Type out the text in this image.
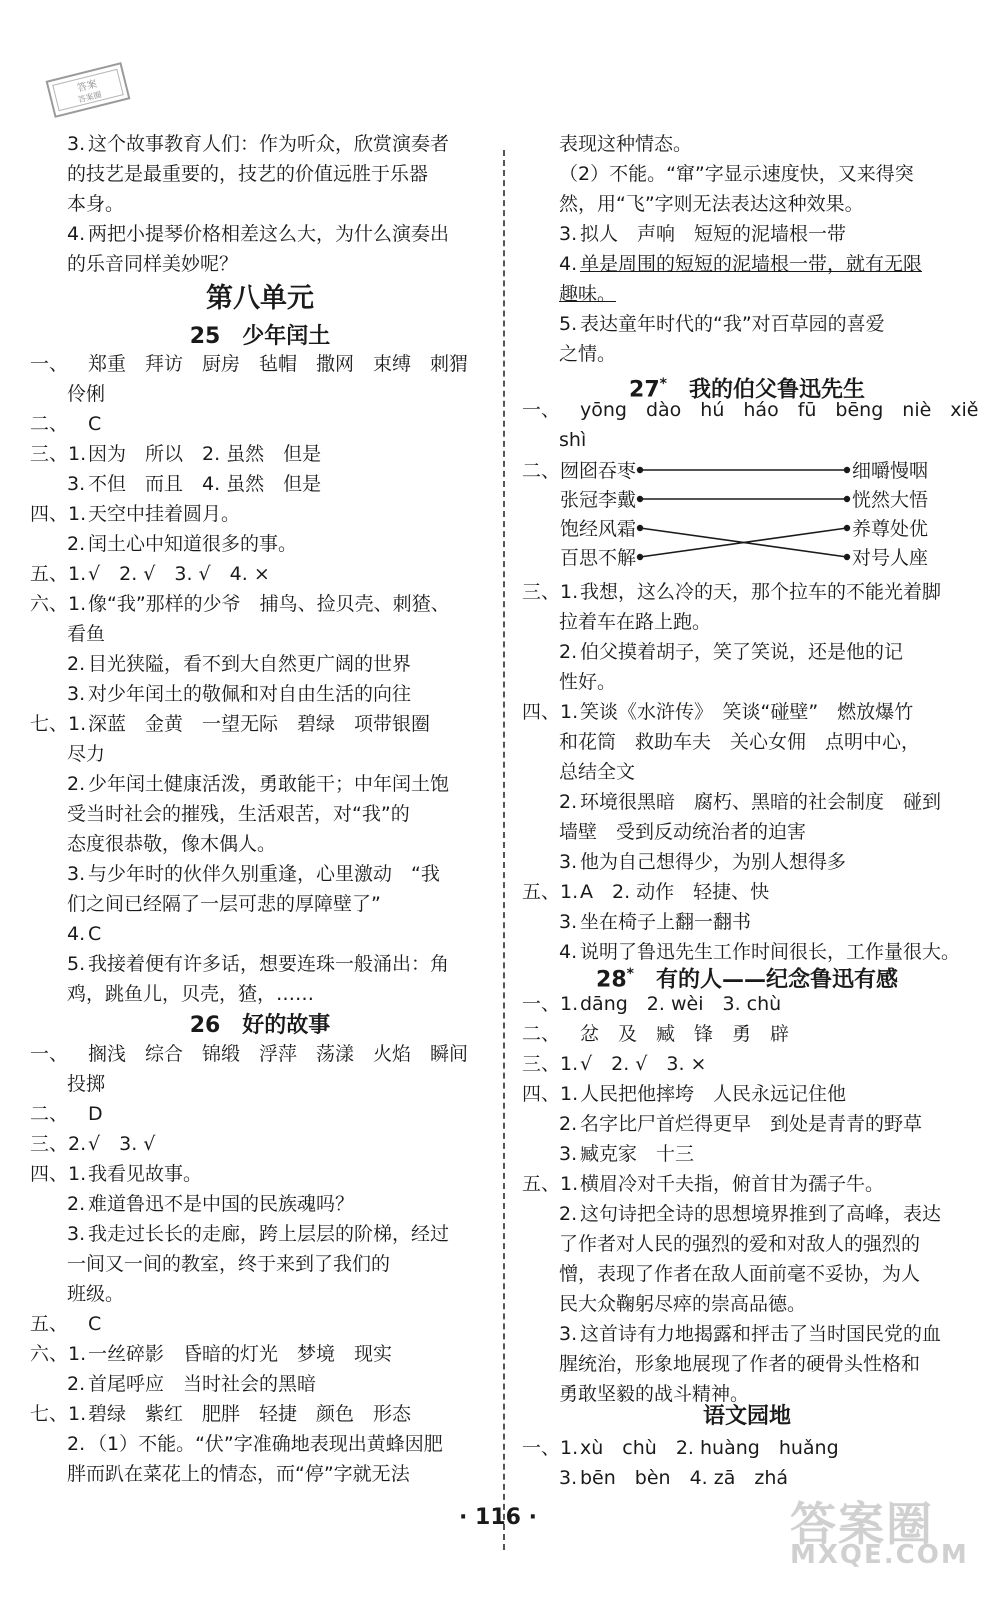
答案
答案圈
第八单元
25　少年闰土
26　好的故事
3. 这个故事教育人们：作为听众，欣赏演奏者
的技艺是最重要的，技艺的价值远胜于乐器
本身。
4. 两把小提琴价格相差这么大，为什么演奏出
的乐音同样美妙呢？
一、 郑重　拜访　厨房　毡帽　撒网　束缚　刺猬
伶俐
二、 C
三、1. 因为　所以　2. 虽然　但是
3. 不但　而且　4. 虽然　但是
四、1. 天空中挂着圆月。
2. 闰土心中知道很多的事。
五、1. √　2. √　3. √　4. ×
六、1. 像“我”那样的少爷　捕鸟、捡贝壳、刺猹、
看鱼
2. 目光狭隘，看不到大自然更广阔的世界
3. 对少年闰土的敬佩和对自由生活的向往
七、1. 深蓝　金黄　一望无际　碧绿　项带银圈
尽力
2. 少年闰土健康活泼，勇敢能干；中年闰土饱
受当时社会的摧残，生活艰苦，对“我”的
态度很恭敬，像木偶人。
3. 与少年时的伙伴久别重逢，心里激动　“我
们之间已经隔了一层可悲的厚障壁了”
4. C
5. 我接着便有许多话，想要连珠一般涌出：角
鸡，跳鱼儿，贝壳，猹，……
一、 搁浅　综合　锦缎　浮萍　荡漾　火焰　瞬间
投掷
二、 D
三、2. √　3. √
四、1. 我看见故事。
2. 难道鲁迅不是中国的民族魂吗？
3. 我走过长长的走廊，跨上层层的阶梯，经过
一间又一间的教室，终于来到了我们的
班级。
五、 C
六、1. 一丝碎影　昏暗的灯光　梦境　现实
2. 首尾呼应　当时社会的黑暗
七、1. 碧绿　紫红　肥胖　轻捷　颜色　形态
2. （1）不能。“伏”字准确地表现出黄蜂因肥
胖而趴在菜花上的情态，而“停”字就无法
27*　我的伯父鲁迅先生
28*　有的人——纪念鲁迅有感
语文园地
二、 囫囵吞枣
张冠李戴
饱经风霜
百思不解
细嚼慢咽
恍然大悟
养尊处优
对号人座
表现这种情态。
（2）不能。“窜”字显示速度快，又来得突
然，用“飞”字则无法表达这种效果。
3. 拟人　声响　短短的泥墙根一带
4. 单是周围的短短的泥墙根一带，就有无限
趣味。
5. 表达童年时代的“我”对百草园的喜爱
之情。
一、 yōng　dào　hú　háo　fū　bēng　niè　xiě
shì
三、1. 我想，这么冷的天，那个拉车的不能光着脚
拉着车在路上跑。
2. 伯父摸着胡子，笑了笑说，还是他的记
性好。
四、1. 笑谈《水浒传》　笑谈“碰壁”　燃放爆竹
和花筒　救助车夫　关心女佣　点明中心，
总结全文
2. 环境很黑暗　腐朽、黑暗的社会制度　碰到
墙壁　受到反动统治者的迫害
3. 他为自己想得少，为别人想得多
五、1. A　2. 动作　轻捷、快
3. 坐在椅子上翻一翻书
4. 说明了鲁迅先生工作时间很长，工作量很大。
一、1. dāng　2. wèi　3. chù
二、 忿　及　臧　锋　勇　辟
三、1. √　2. √　3. ×
四、1. 人民把他摔垮　人民永远记住他
2. 名字比尸首烂得更早　到处是青青的野草
3. 臧克家　十三
五、1. 横眉冷对千夫指，俯首甘为孺子牛。
2. 这句诗把全诗的思想境界推到了高峰，表达
了作者对人民的强烈的爱和对敌人的强烈的
憎，表现了作者在敌人面前毫不妥协，为人
民大众鞠躬尽瘁的崇高品德。
3. 这首诗有力地揭露和抨击了当时国民党的血
腥统治，形象地展现了作者的硬骨头性格和
勇敢坚毅的战斗精神。
一、1. xù　chù　2. huàng　huǎng
3. bēn　bèn　4. zā　zhá
· 116 ·	答案圈
MXQE.COM
